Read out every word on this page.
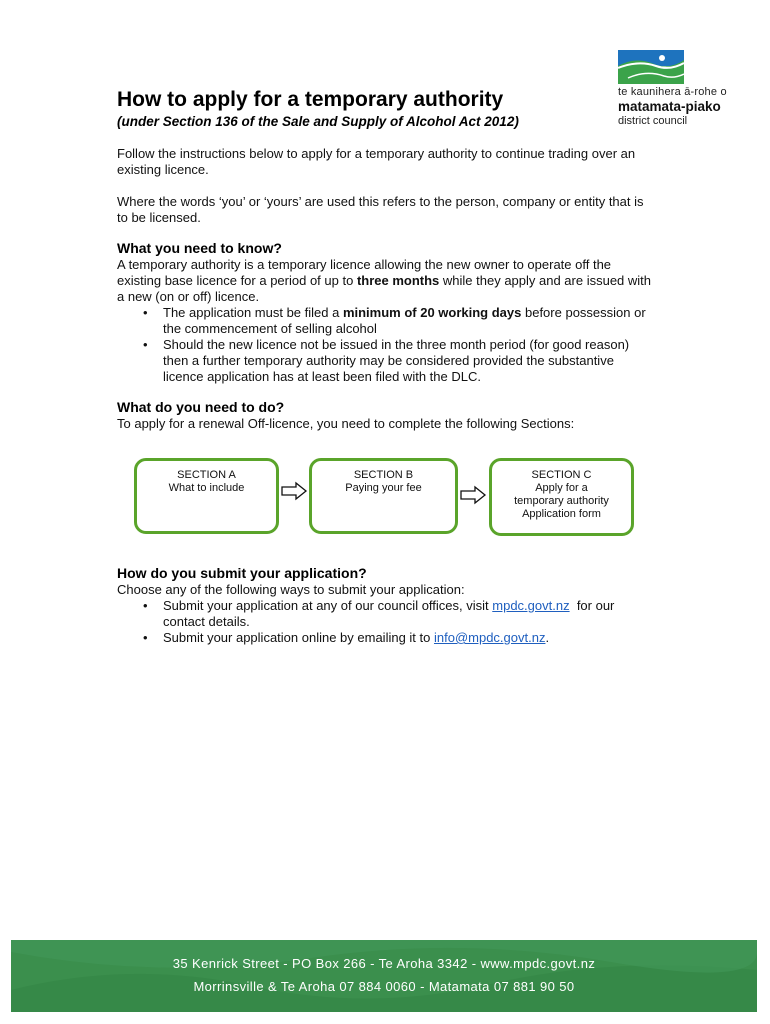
te kaunihera ā-rohe o
matamata-piako
district council
How to apply for a temporary authority
(under Section 136 of the Sale and Supply of Alcohol Act 2012)

Follow the instructions below to apply for a temporary authority to continue trading over an existing licence.

Where the words ‘you’ or ‘yours’ are used this refers to the person, company or entity that is to be licensed.

What you need to know?

A temporary authority is a temporary licence allowing the new owner to operate off the existing base licence for a period of up to three months while they apply and are issued with a new (on or off) licence.

• The application must be filed a minimum of 20 working days before possession or the commencement of selling alcohol
• Should the new licence not be issued in the three month period (for good reason) then a further temporary authority may be considered provided the substantive licence application has at least been filed with the DLC.
What do you need to do?

To apply for a renewal Off-licence, you need to complete the following Sections:

SECTION A
What to include
SECTION B
Paying your fee
SECTION C
Apply for a
temporary authority
Application form
How do you submit your application?

Choose any of the following ways to submit your application:

• Submit your application at any of our council offices, visit mpdc.govt.nz  for our contact details.
• Submit your application online by emailing it to info@mpdc.govt.nz.
35 Kenrick Street - PO Box 266 - Te Aroha 3342 - www.mpdc.govt.nz
Morrinsville & Te Aroha 07 884 0060 - Matamata 07 881 90 50
